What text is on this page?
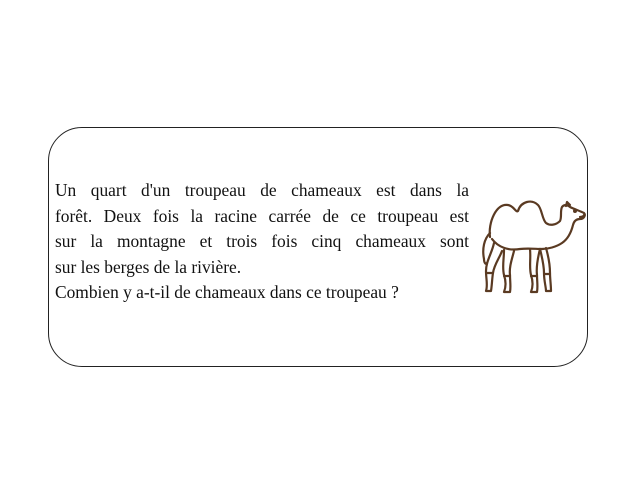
Un quart d'un troupeau de chameaux est dans la
forêt. Deux fois la racine carrée de ce troupeau est
sur la montagne et trois fois cinq chameaux sont
sur les berges de la rivière.
Combien y a-t-il de chameaux dans ce troupeau ?
